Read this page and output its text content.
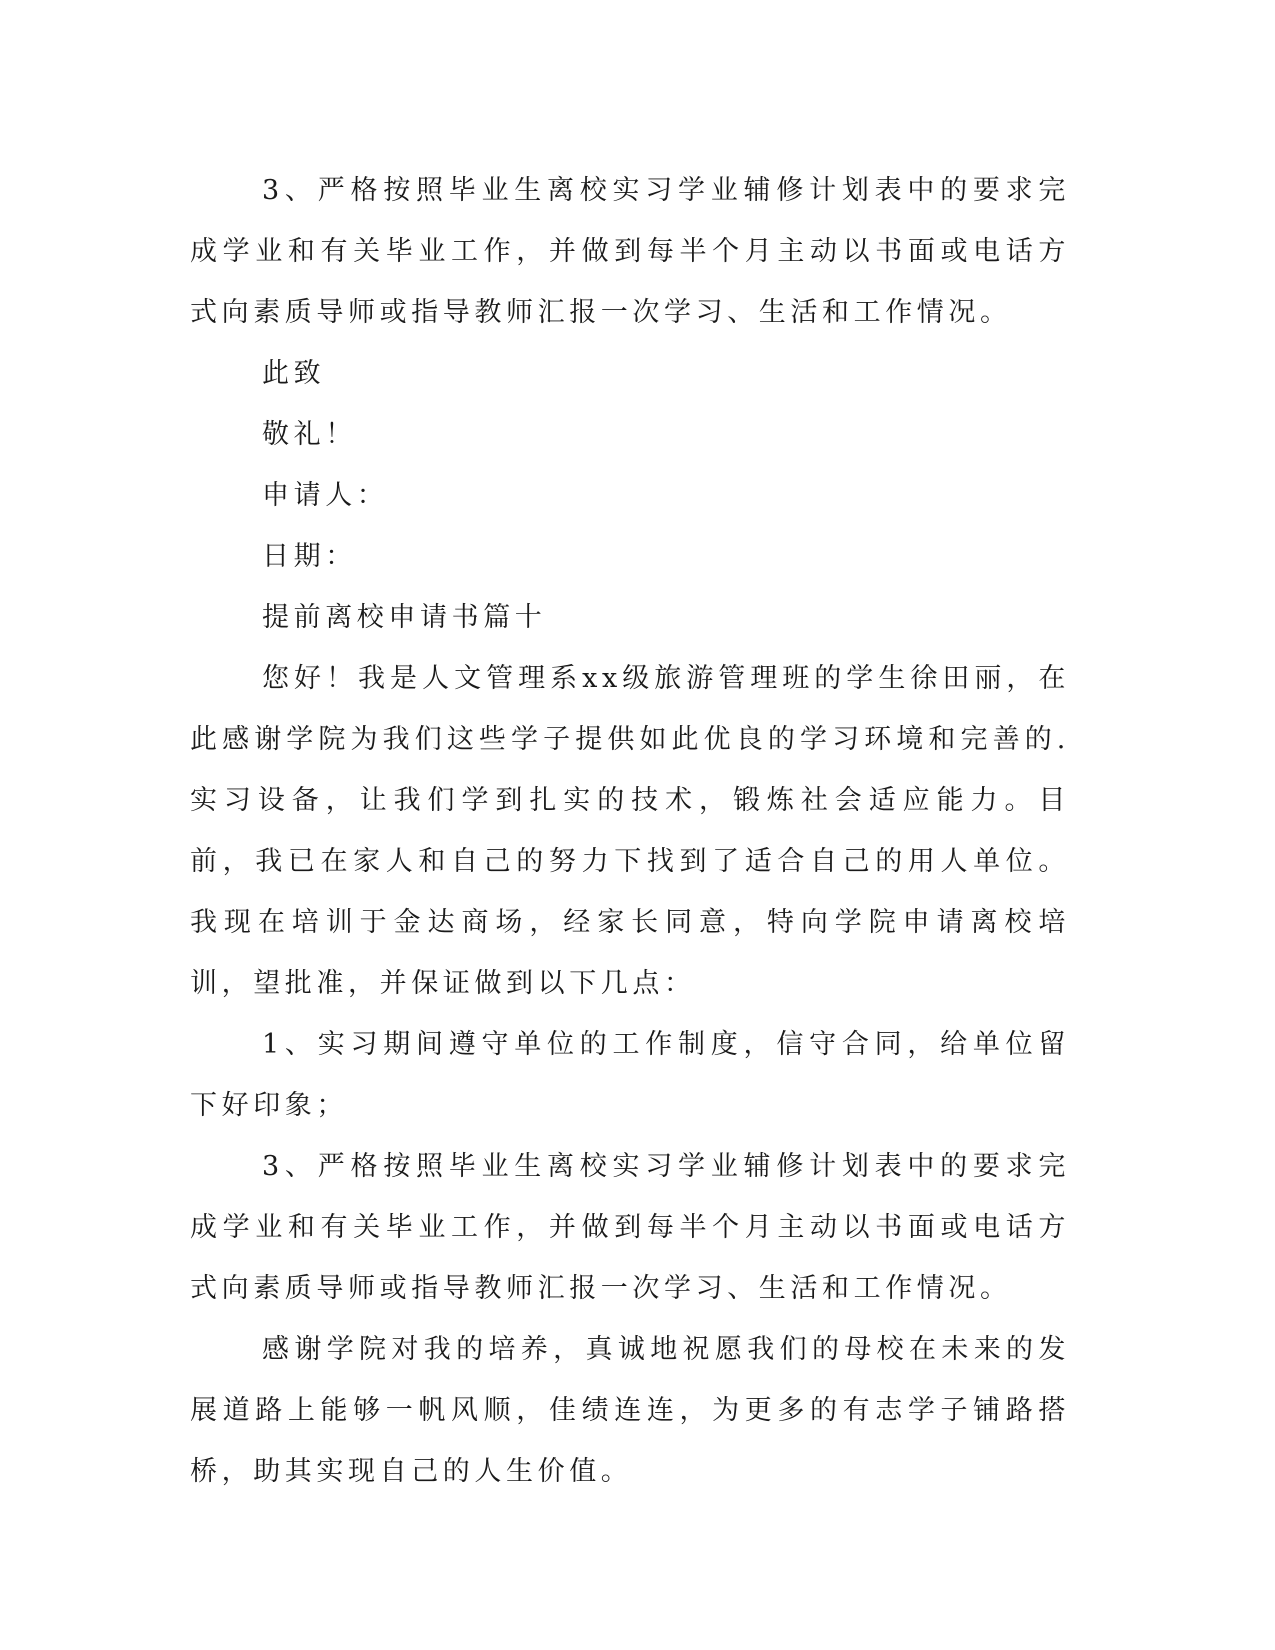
3、严格按照毕业生离校实习学业辅修计划表中的要求完成学业和有关毕业工作，并做到每半个月主动以书面或电话方式向素质导师或指导教师汇报一次学习、生活和工作情况。

此致

敬礼！

申请人：

日期：

提前离校申请书篇十

您好！我是人文管理系xx级旅游管理班的学生徐田丽，在此感谢学院为我们这些学子提供如此优良的学习环境和完善的.实习设备，让我们学到扎实的技术，锻炼社会适应能力。目前，我已在家人和自己的努力下找到了适合自己的用人单位。我现在培训于金达商场，经家长同意，特向学院申请离校培训，望批准，并保证做到以下几点：

1、实习期间遵守单位的工作制度，信守合同，给单位留下好印象；

3、严格按照毕业生离校实习学业辅修计划表中的要求完成学业和有关毕业工作，并做到每半个月主动以书面或电话方式向素质导师或指导教师汇报一次学习、生活和工作情况。

感谢学院对我的培养，真诚地祝愿我们的母校在未来的发展道路上能够一帆风顺，佳绩连连，为更多的有志学子铺路搭桥，助其实现自己的人生价值。
